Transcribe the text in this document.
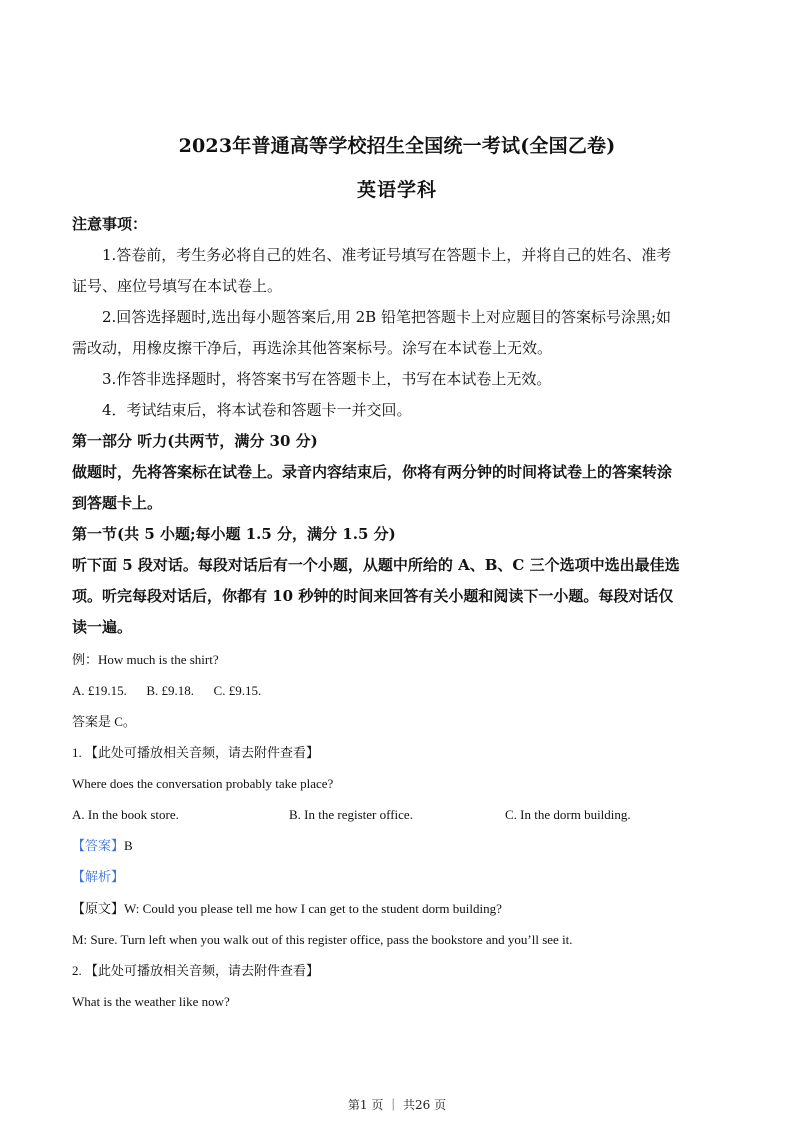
2023年普通高等学校招生全国统一考试(全国乙卷)
英语学科
注意事项：
1.答卷前，考生务必将自己的姓名、准考证号填写在答题卡上，并将自己的姓名、准考
证号、座位号填写在本试卷上。
2.回答选择题时,选出每小题答案后,用 2B 铅笔把答题卡上对应题目的答案标号涂黑;如
需改动，用橡皮擦干净后，再选涂其他答案标号。涂写在本试卷上无效。
3.作答非选择题时，将答案书写在答题卡上，书写在本试卷上无效。
4．考试结束后，将本试卷和答题卡一并交回。
第一部分 听力(共两节，满分 30 分)
做题时，先将答案标在试卷上。录音内容结束后，你将有两分钟的时间将试卷上的答案转涂
到答题卡上。
第一节(共 5 小题;每小题 1.5 分，满分 1.5 分)
听下面 5 段对话。每段对话后有一个小题，从题中所给的 A、B、C 三个选项中选出最佳选
项。听完每段对话后，你都有 10 秒钟的时间来回答有关小题和阅读下一小题。每段对话仅
读一遍。
例：How much is the shirt?
A. £19.15.      B. £9.18.      C. £9.15.
答案是 C。
1. 【此处可播放相关音频，请去附件查看】
Where does the conversation probably take place?
A. In the book store.	B. In the register office.	C. In the dorm building.
【答案】B
【解析】
【原文】W: Could you please tell me how I can get to the student dorm building?
M: Sure. Turn left when you walk out of this register office, pass the bookstore and you’ll see it.
2. 【此处可播放相关音频，请去附件查看】
What is the weather like now?
第1 页 ｜ 共26 页
